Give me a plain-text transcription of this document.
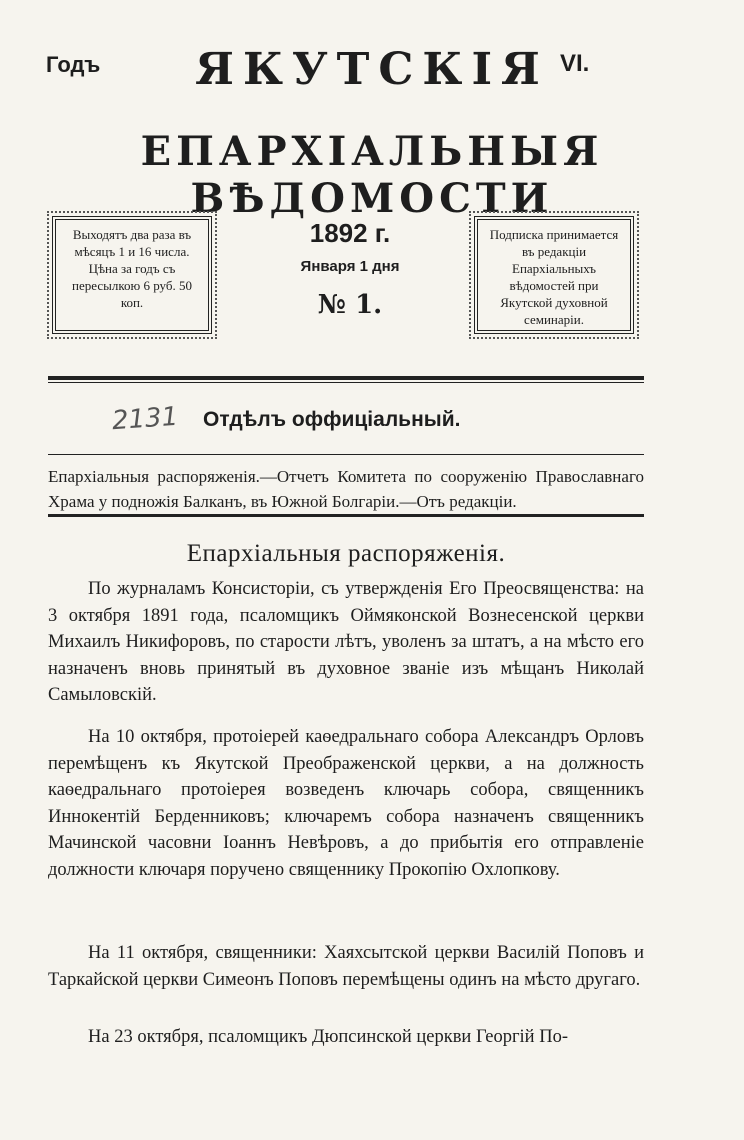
Годъ	VI.
ЯКУТСКІЯ
ЕПАРХІАЛЬНЫЯ ВѢДОМОСТИ
Выходятъ два раза въ мѣсяцъ 1 и 16 числа. Цѣна за годъ съ пересылкою 6 руб. 50 коп.
1892 г.
Января 1 дня
№ 1.
Подписка принимается въ редакціи Епархіальныхъ вѣдомостей при Якутской духовной семинаріи.
2131 Отдѣлъ оффиціальный.
Епархіальныя распоряженія.—Отчетъ Комитета по сооруженію Православнаго Храма у подножія Балканъ, въ Южной Болгаріи.—Отъ редакціи.
Епархіальныя распоряженія.
По журналамъ Консисторіи, съ утвержденія Его Преосвященства: на 3 октября 1891 года, псаломщикъ Оймяконской Вознесенской церкви Михаилъ Никифоровъ, по старости лѣтъ, уволенъ за штатъ, а на мѣсто его назначенъ вновь принятый въ духовное званіе изъ мѣщанъ Николай Самыловскій.
На 10 октября, протоіерей каѳедральнаго собора Александръ Орловъ перемѣщенъ къ Якутской Преображенской церкви, а на должность каѳедральнаго протоіерея возведенъ ключарь собора, священникъ Иннокентій Берденниковъ; ключаремъ собора назначенъ священникъ Мачинской часовни Іоаннъ Невѣровъ, а до прибытія его отправленіе должности ключаря поручено священнику Прокопію Охлопкову.
На 11 октября, священники: Хаяхсытской церкви Василій Поповъ и Таркайской церкви Симеонъ Поповъ перемѣщены одинъ на мѣсто другаго.
На 23 октября, псаломщикъ Дюпсинской церкви Георгій По-
